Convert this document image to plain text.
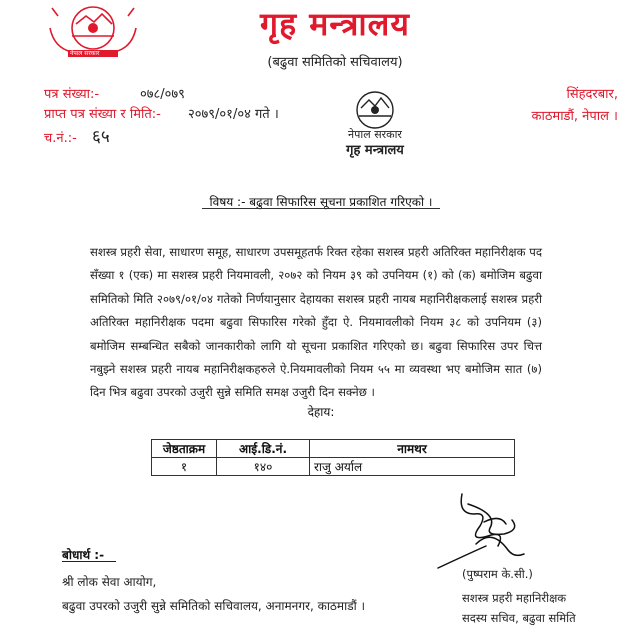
नेपाल सरकार
गृह मन्त्रालय
(बढुवा समितिको सचिवालय)
पत्र संख्या:-	०७८/०७९
प्राप्त पत्र संख्या र मिति:- २०७९/०१/०४ गते ।
च.नं.:- ६५	नेपाल सरकार
गृह मन्त्रालय
सिंहदरबार,
काठमाडौं, नेपाल ।
विषय :- बढुवा सिफारिस सूचना प्रकाशित गरिएको ।
सशस्त्र प्रहरी सेवा, साधारण समूह, साधारण उपसमूहतर्फ रिक्त रहेका सशस्त्र प्रहरी अतिरिक्त महानिरीक्षक पद सँख्या १ (एक) मा सशस्त्र प्रहरी नियमावली, २०७२ को नियम ३९ को उपनियम (१) को (क) बमोजिम बढुवा समितिको मिति २०७९/०१/०४ गतेको निर्णयानुसार देहायका सशस्त्र प्रहरी नायब महानिरीक्षकलाई सशस्त्र प्रहरी अतिरिक्त महानिरीक्षक पदमा बढुवा सिफारिस गरेको हुँदा ऐ. नियमावलीको नियम ३८ को उपनियम (३) बमोजिम सम्बन्धित सबैको जानकारीको लागि यो सूचना प्रकाशित गरिएको छ। बढुवा सिफारिस उपर चित्त नबुझ्ने सशस्त्र प्रहरी नायब महानिरीक्षकहरुले ऐ.नियमावलीको नियम ५५ मा व्यवस्था भए बमोजिम सात (७) दिन भित्र बढुवा उपरको उजुरी सुन्ने समिति समक्ष उजुरी दिन सक्नेछ ।
देहाय:
जेष्ठताक्रम	आई.डि.नं.	नामथर
१	१४०	राजु अर्याल
बोधार्थ :-
श्री लोक सेवा आयोग,
बढुवा उपरको उजुरी सुन्ने समितिको सचिवालय, अनामनगर, काठमाडौं ।
(पुष्पराम के.सी.)
सशस्त्र प्रहरी महानिरीक्षक
सदस्य सचिव, बढुवा समिति
